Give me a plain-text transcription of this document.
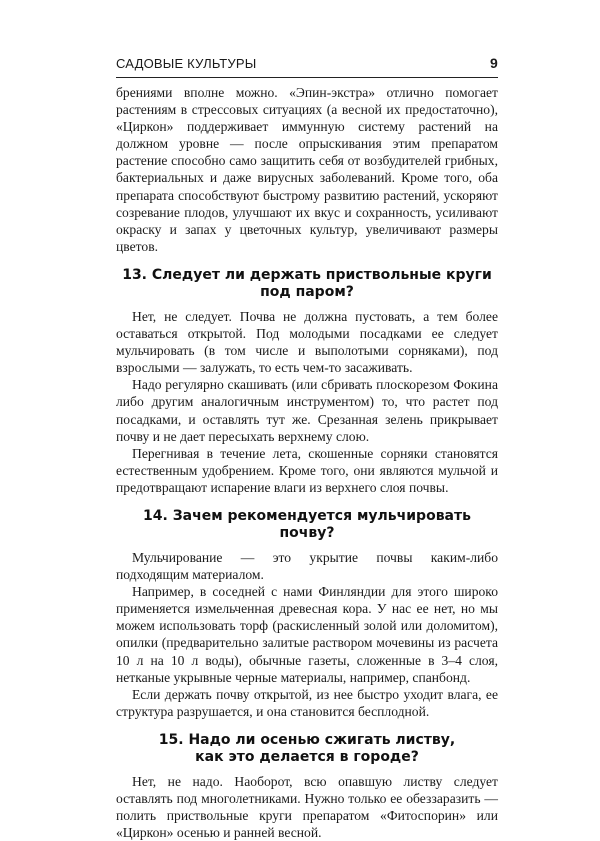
САДОВЫЕ КУЛЬТУРЫ	9

брениями вполне можно. «Эпин-экстра» отлично помогает растениям в стрессовых ситуациях (а весной их предостаточно), «Циркон» поддерживает иммунную систему растений на должном уровне — после опрыскивания этим препаратом растение способно само защитить себя от возбудителей грибных, бактериальных и даже вирусных заболеваний. Кроме того, оба препарата способствуют быстрому развитию растений, ускоряют созревание плодов, улучшают их вкус и сохранность, усиливают окраску и запах у цветочных культур, увеличивают размеры цветов.

13. Следует ли держать приствольные круги
под паром?

Нет, не следует. Почва не должна пустовать, а тем более оставаться открытой. Под молодыми посадками ее следует мульчировать (в том числе и выполотыми сорняками), под взрослыми — залужать, то есть чем-то засаживать.

Надо регулярно скашивать (или сбривать плоскорезом Фокина либо другим аналогичным инструментом) то, что растет под посадками, и оставлять тут же. Срезанная зелень прикрывает почву и не дает пересыхать верхнему слою.

Перегнивая в течение лета, скошенные сорняки становятся естественным удобрением. Кроме того, они являются мульчой и предотвращают испарение влаги из верхнего слоя почвы.

14. Зачем рекомендуется мульчировать почву?

Мульчирование — это укрытие почвы каким-либо подходящим материалом.

Например, в соседней с нами Финляндии для этого широко применяется измельченная древесная кора. У нас ее нет, но мы можем использовать торф (раскисленный золой или доломитом), опилки (предварительно залитые раствором мочевины из расчета 10 л на 10 л воды), обычные газеты, сложенные в 3–4 слоя, нетканые укрывные черные материалы, например, спанбонд.

Если держать почву открытой, из нее быстро уходит влага, ее структура разрушается, и она становится бесплодной.

15. Надо ли осенью сжигать листву,
как это делается в городе?

Нет, не надо. Наоборот, всю опавшую листву следует оставлять под многолетниками. Нужно только ее обеззаразить — полить приствольные круги препаратом «Фитоспорин» или «Циркон» осенью и ранней весной.
